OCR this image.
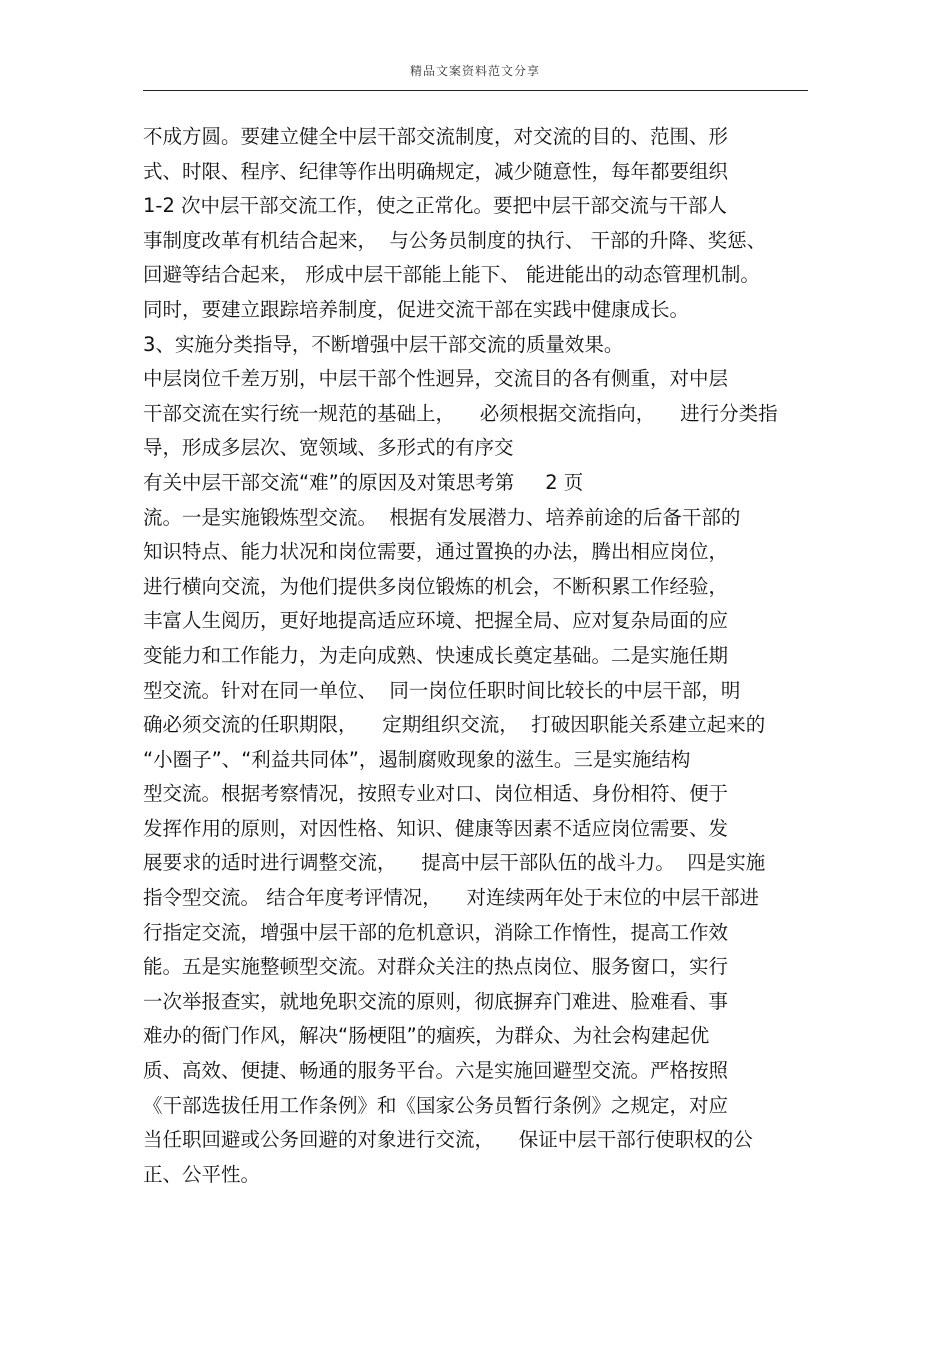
精品文案资料范文分享
不成方圆。要建立健全中层干部交流制度，对交流的目的、范围、形
式、时限、程序、纪律等作出明确规定，减少随意性，每年都要组织
1-2 次中层干部交流工作，使之正常化。要把中层干部交流与干部人
事制度改革有机结合起来，  与公务员制度的执行、 干部的升降、奖惩、
回避等结合起来， 形成中层干部能上能下、 能进能出的动态管理机制。
同时，要建立跟踪培养制度，促进交流干部在实践中健康成长。
3、实施分类指导，不断增强中层干部交流的质量效果。
中层岗位千差万别，中层干部个性迥异，交流目的各有侧重，对中层
干部交流在实行统一规范的基础上，    必须根据交流指向，    进行分类指
导，形成多层次、宽领域、多形式的有序交
有关中层干部交流“难”的原因及对策思考第     2 页
流。一是实施锻炼型交流。  根据有发展潜力、培养前途的后备干部的
知识特点、能力状况和岗位需要，通过置换的办法，腾出相应岗位，
进行横向交流，为他们提供多岗位锻炼的机会，不断积累工作经验，
丰富人生阅历，更好地提高适应环境、把握全局、应对复杂局面的应
变能力和工作能力，为走向成熟、快速成长奠定基础。二是实施任期
型交流。针对在同一单位、  同一岗位任职时间比较长的中层干部，明
确必须交流的任职期限，    定期组织交流，  打破因职能关系建立起来的
“小圈子”、“利益共同体”，遏制腐败现象的滋生。三是实施结构
型交流。根据考察情况，按照专业对口、岗位相适、身份相符、便于
发挥作用的原则，对因性格、知识、健康等因素不适应岗位需要、发
展要求的适时进行调整交流，    提高中层干部队伍的战斗力。  四是实施
指令型交流。 结合年度考评情况，    对连续两年处于末位的中层干部进
行指定交流，增强中层干部的危机意识，消除工作惰性，提高工作效
能。五是实施整顿型交流。对群众关注的热点岗位、服务窗口，实行
一次举报查实，就地免职交流的原则，彻底摒弃门难进、脸难看、事
难办的衙门作风，解决“肠梗阻”的痼疾，为群众、为社会构建起优
质、高效、便捷、畅通的服务平台。六是实施回避型交流。严格按照
《干部选拔任用工作条例》和《国家公务员暂行条例》之规定，对应
当任职回避或公务回避的对象进行交流，    保证中层干部行使职权的公
正、公平性。
